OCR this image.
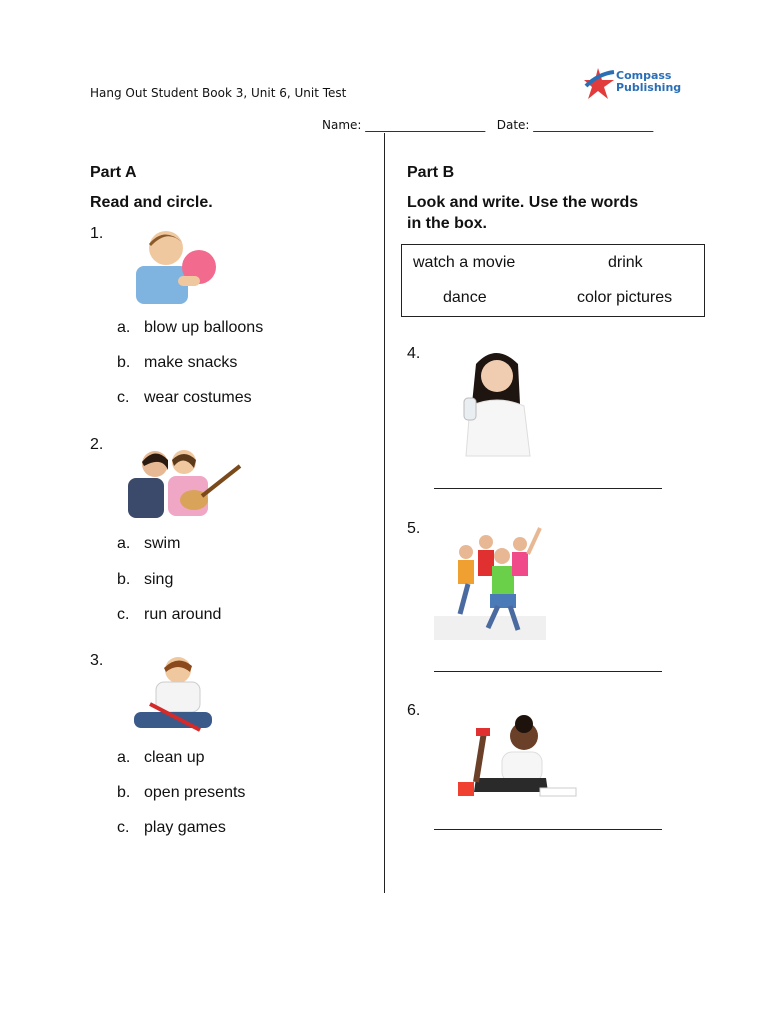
Hang Out Student Book 3, Unit 6, Unit Test
Compass
Publishing
Name: ____________________ Date: ____________________
Part A
Read and circle.
1.
a. blow up balloons
b. make snacks
c. wear costumes
2.
a. swim
b. sing
c. run around
3.
a. clean up
b. open presents
c. play games
Part B
Look and write. Use the words
in the box.
watch a movie	drink
dance	color pictures
4.
5.
6.
